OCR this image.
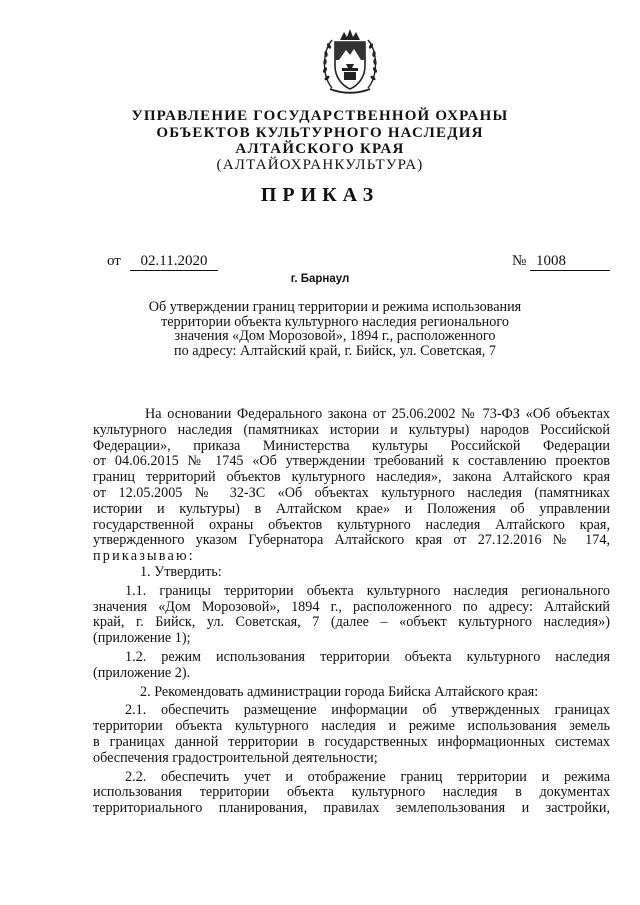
УПРАВЛЕНИЕ ГОСУДАРСТВЕННОЙ ОХРАНЫ
ОБЪЕКТОВ КУЛЬТУРНОГО НАСЛЕДИЯ
АЛТАЙСКОГО КРАЯ
(АЛТАЙОХРАНКУЛЬТУРА)
ПРИКАЗ
от	02.11.2020	№ 1008
г. Барнаул
Об утверждении границ территории и режима использования
территории объекта культурного наследия регионального
значения «Дом Морозовой», 1894 г., расположенного
по адресу: Алтайский край, г. Бийск, ул. Советская, 7
На основании Федерального закона от 25.06.2002 № 73-ФЗ «Об объектах
культурного наследия (памятниках истории и культуры) народов Российской
Федерации», приказа Министерства культуры Российской Федерации
от 04.06.2015 № 1745 «Об утверждении требований к составлению проектов
границ территорий объектов культурного наследия», закона Алтайского края
от 12.05.2005 № 32-ЗС «Об объектах культурного наследия (памятниках
истории и культуры) в Алтайском крае» и Положения об управлении
государственной охраны объектов культурного наследия Алтайского края,
утвержденного указом Губернатора Алтайского края от 27.12.2016 № 174,
приказываю:
1. Утвердить:
1.1. границы территории объекта культурного наследия регионального
значения «Дом Морозовой», 1894 г., расположенного по адресу: Алтайский
край, г. Бийск, ул. Советская, 7 (далее – «объект культурного наследия»)
(приложение 1);
1.2. режим использования территории объекта культурного наследия
(приложение 2).
2. Рекомендовать администрации города Бийска Алтайского края:
2.1. обеспечить размещение информации об утвержденных границах
территории объекта культурного наследия и режиме использования земель
в границах данной территории в государственных информационных системах
обеспечения градостроительной деятельности;
2.2. обеспечить учет и отображение границ территории и режима
использования территории объекта культурного наследия в документах
территориального планирования, правилах землепользования и застройки,
